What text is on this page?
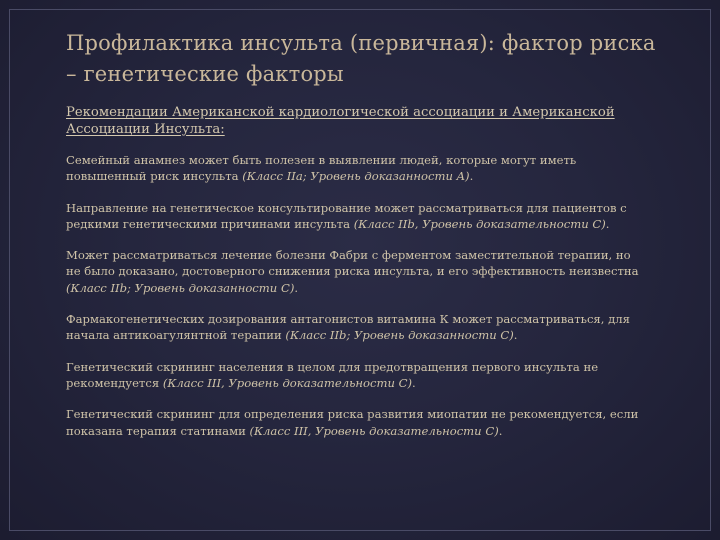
Профилактика инсульта (первичная): фактор риска – генетические факторы

Рекомендации Американской кардиологической ассоциации и Американской Ассоциации Инсульта:

Семейный анамнез может быть полезен в выявлении людей, которые могут иметь повышенный риск инсульта (Класс IIa; Уровень доказанности A).

Направление на генетическое консультирование может рассматриваться для пациентов с редкими генетическими причинами инсульта (Класс IIb, Уровень доказательности C).

Может рассматриваться лечение болезни Фабри с ферментом заместительной терапии, но не было доказано, достоверного снижения риска инсульта, и его эффективность неизвестна (Класс IIb; Уровень доказанности C).

Фармакогенетических дозирования антагонистов витамина К может рассматриваться, для начала антикоагулянтной терапии (Класс IIb; Уровень доказанности C).

Генетический скрининг населения в целом для предотвращения первого инсульта не рекомендуется (Класс III, Уровень доказательности C).

Генетический скрининг для определения риска развития миопатии не рекомендуется, если показана терапия статинами (Класс III, Уровень доказательности C).
